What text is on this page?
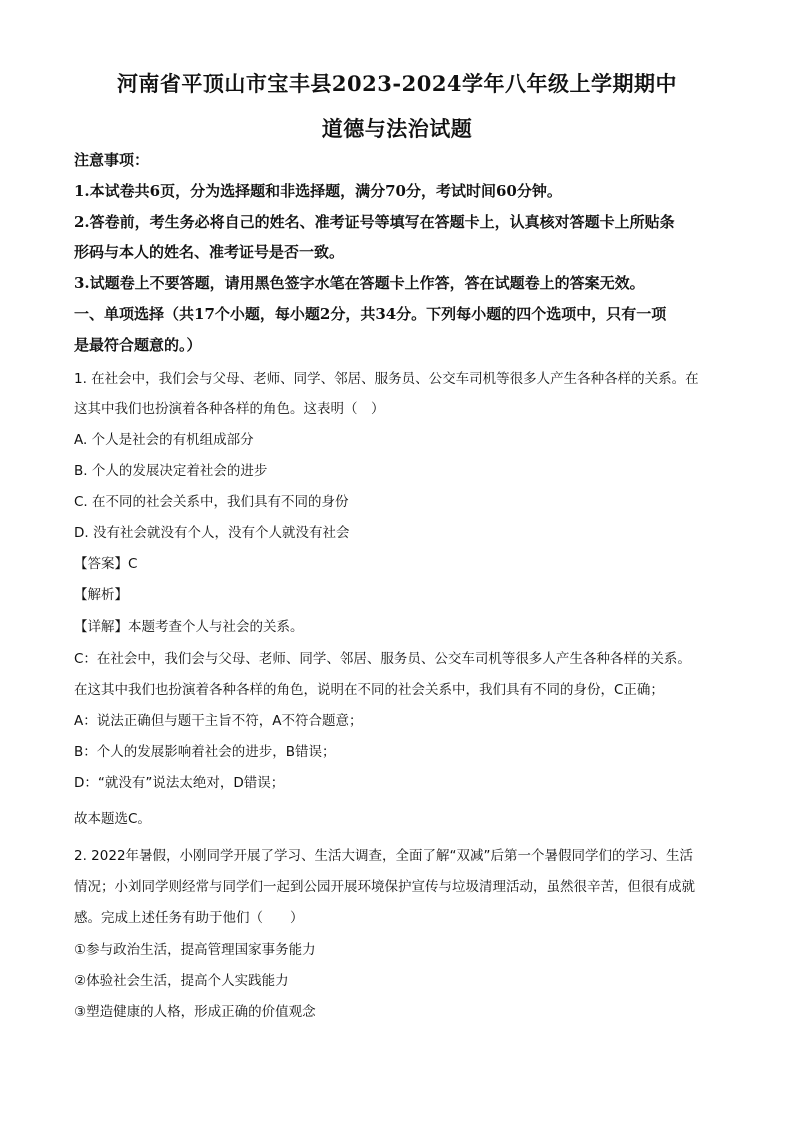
河南省平顶山市宝丰县2023-2024学年八年级上学期期中
道德与法治试题
注意事项：
1.本试卷共6页，分为选择题和非选择题，满分70分，考试时间60分钟。
2.答卷前，考生务必将自己的姓名、准考证号等填写在答题卡上，认真核对答题卡上所贴条
形码与本人的姓名、准考证号是否一致。
3.试题卷上不要答题，请用黑色签字水笔在答题卡上作答，答在试题卷上的答案无效。
一、单项选择（共17个小题，每小题2分，共34分。下列每小题的四个选项中，只有一项
是最符合题意的。）
1. 在社会中，我们会与父母、老师、同学、邻居、服务员、公交车司机等很多人产生各种各样的关系。在
这其中我们也扮演着各种各样的角色。这表明（　）
A. 个人是社会的有机组成部分
B. 个人的发展决定着社会的进步
C. 在不同的社会关系中，我们具有不同的身份
D. 没有社会就没有个人，没有个人就没有社会
【答案】C
【解析】
【详解】本题考查个人与社会的关系。
C：在社会中，我们会与父母、老师、同学、邻居、服务员、公交车司机等很多人产生各种各样的关系。
在这其中我们也扮演着各种各样的角色，说明在不同的社会关系中，我们具有不同的身份，C正确；
A：说法正确但与题干主旨不符，A不符合题意；
B：个人的发展影响着社会的进步，B错误；
D：“就没有”说法太绝对，D错误；
故本题选C。
2. 2022年暑假，小刚同学开展了学习、生活大调查，全面了解“双减”后第一个暑假同学们的学习、生活
情况；小刘同学则经常与同学们一起到公园开展环境保护宣传与垃圾清理活动，虽然很辛苦，但很有成就
感。完成上述任务有助于他们（　　）
①参与政治生活，提高管理国家事务能力
②体验社会生活，提高个人实践能力
③塑造健康的人格，形成正确的价值观念
